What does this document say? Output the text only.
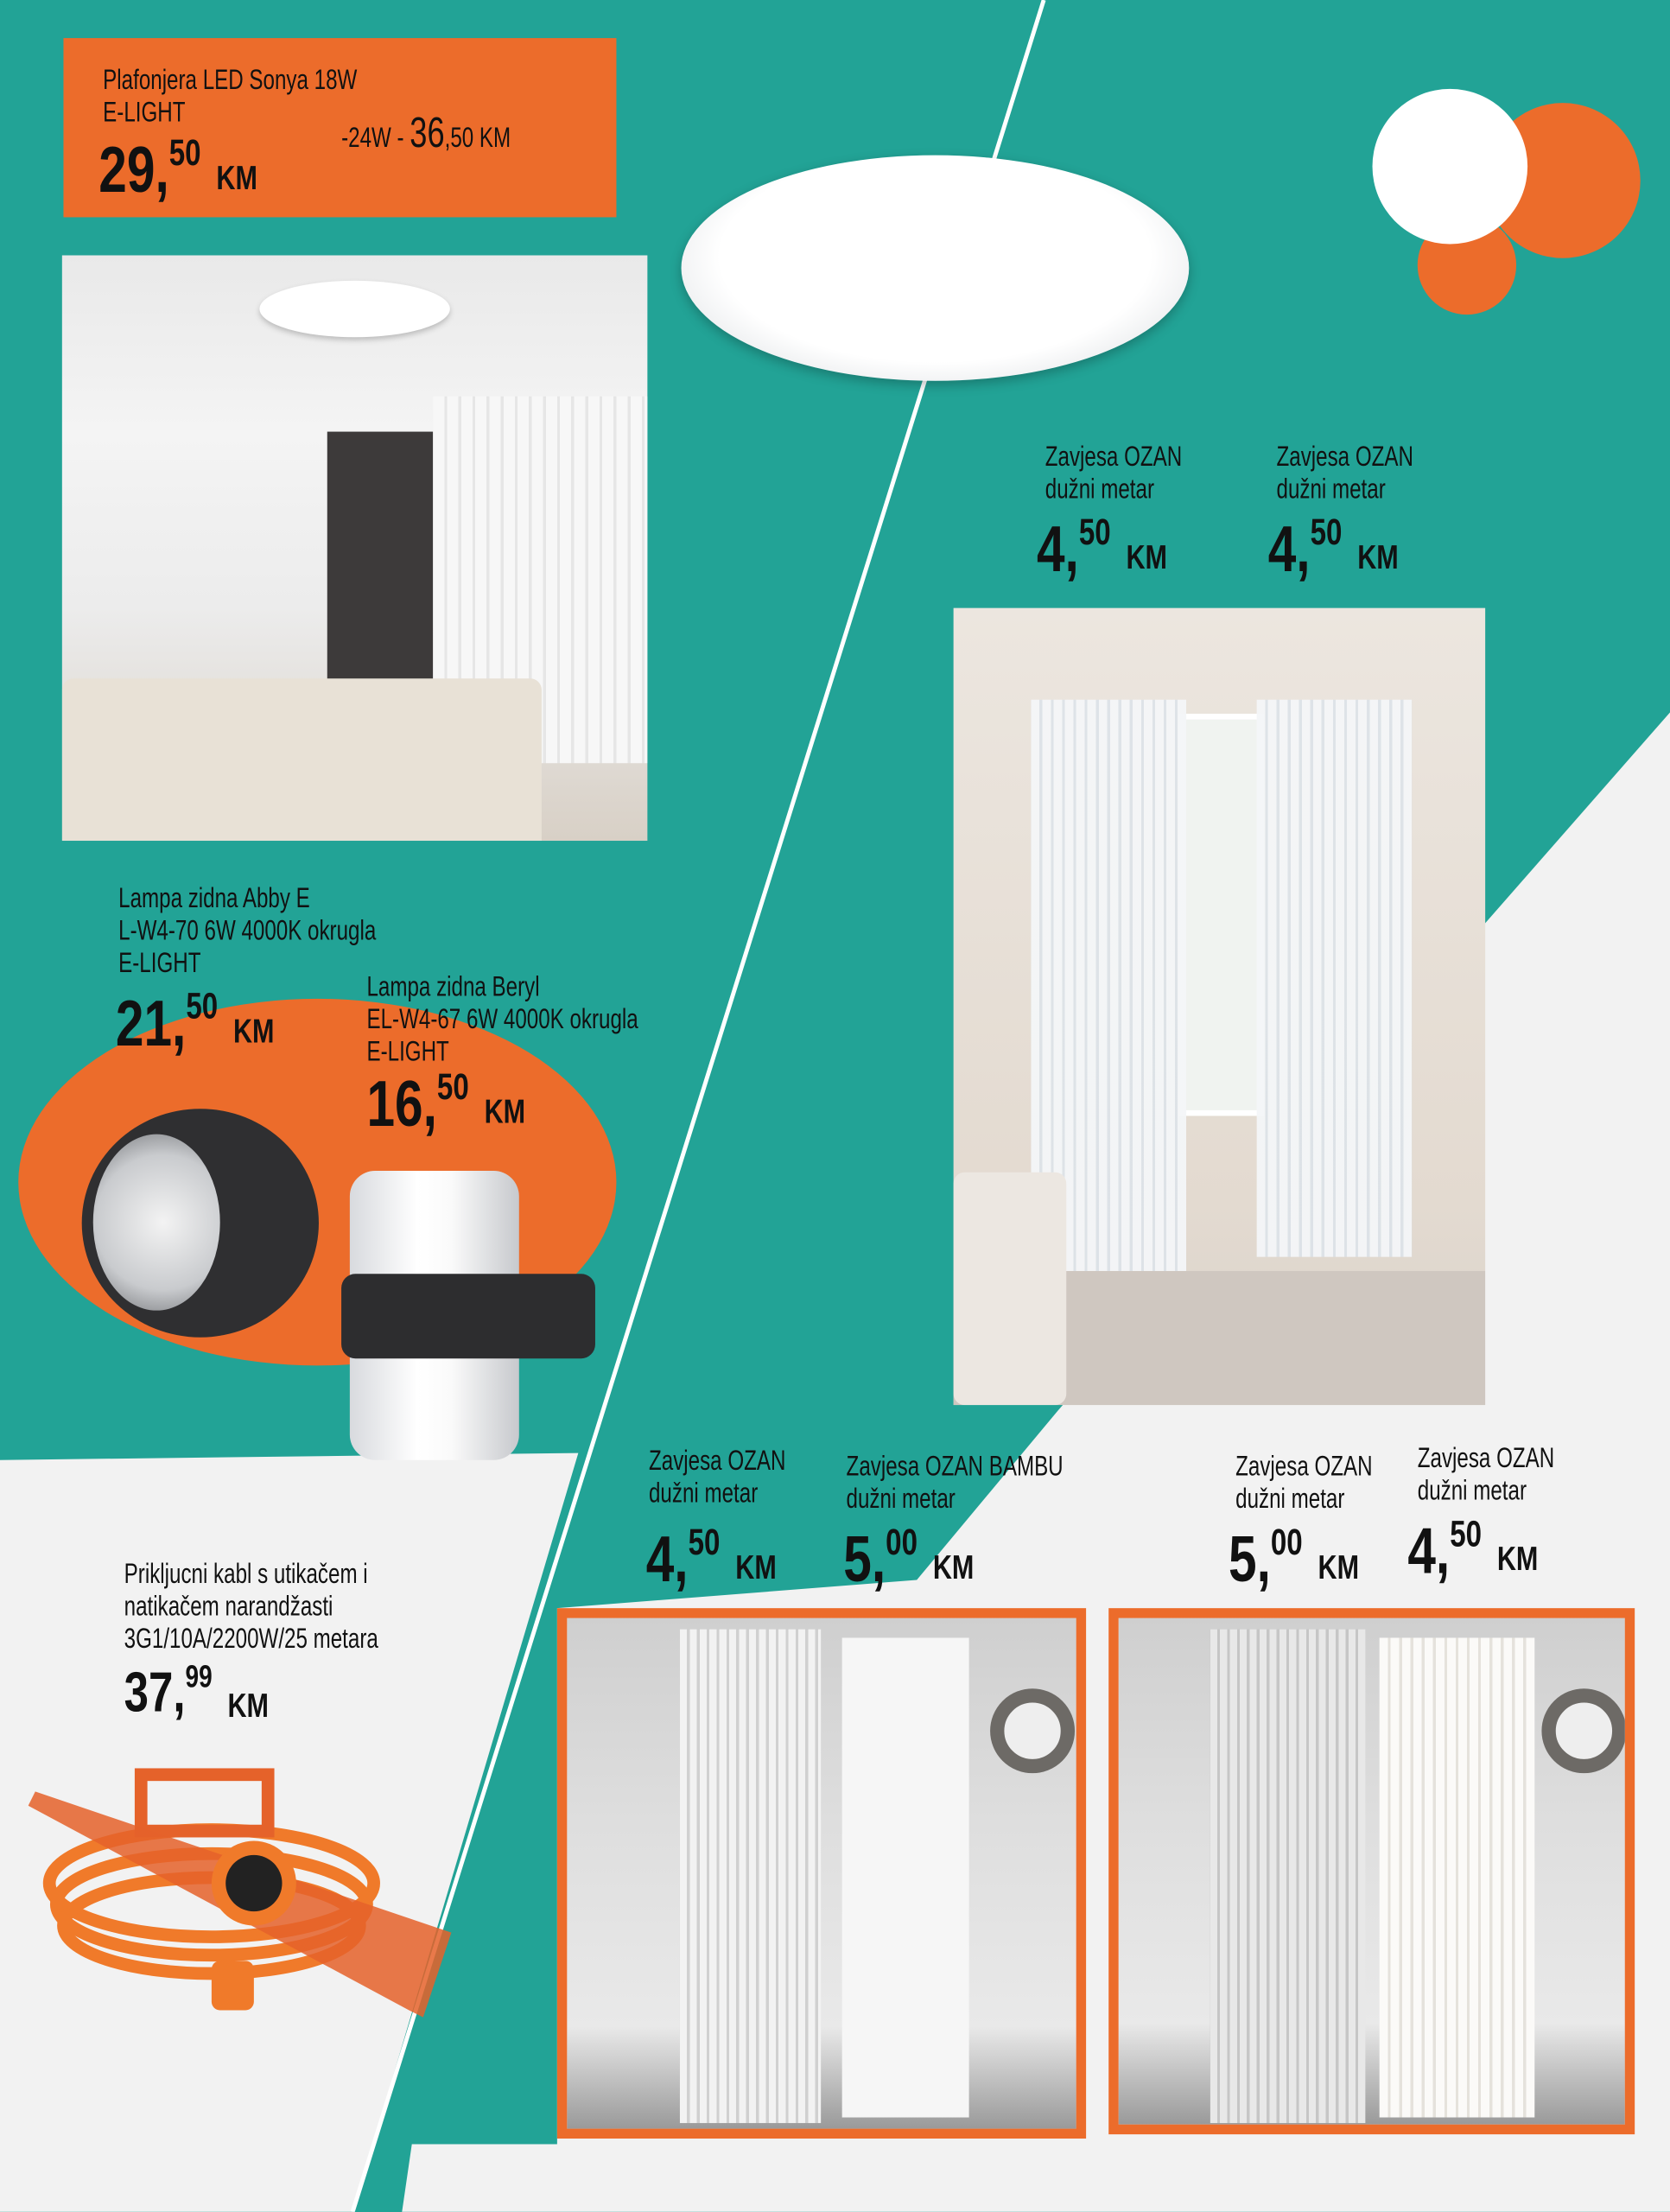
Plafonjera LED Sonya 18W
E-LIGHT
29,50KM
-24W - 36,50 KM
Zavjesa OZAN
dužni metar
4,50KM
Zavjesa OZAN
dužni metar
4,50KM
Lampa zidna Abby E
L-W4-70 6W 4000K okrugla
E-LIGHT
21,50KM
Lampa zidna Beryl
EL-W4-67 6W 4000K okrugla
E-LIGHT
16,50KM
Zavjesa OZAN
dužni metar
4,50KM
Zavjesa OZAN BAMBU
dužni metar
5,00KM
Zavjesa OZAN
dužni metar
5,00KM
Zavjesa OZAN
dužni metar
4,50KM
Prikljucni kabl s utikačem i
natikačem narandžasti
3G1/10A/2200W/25 metara
37,99KM
